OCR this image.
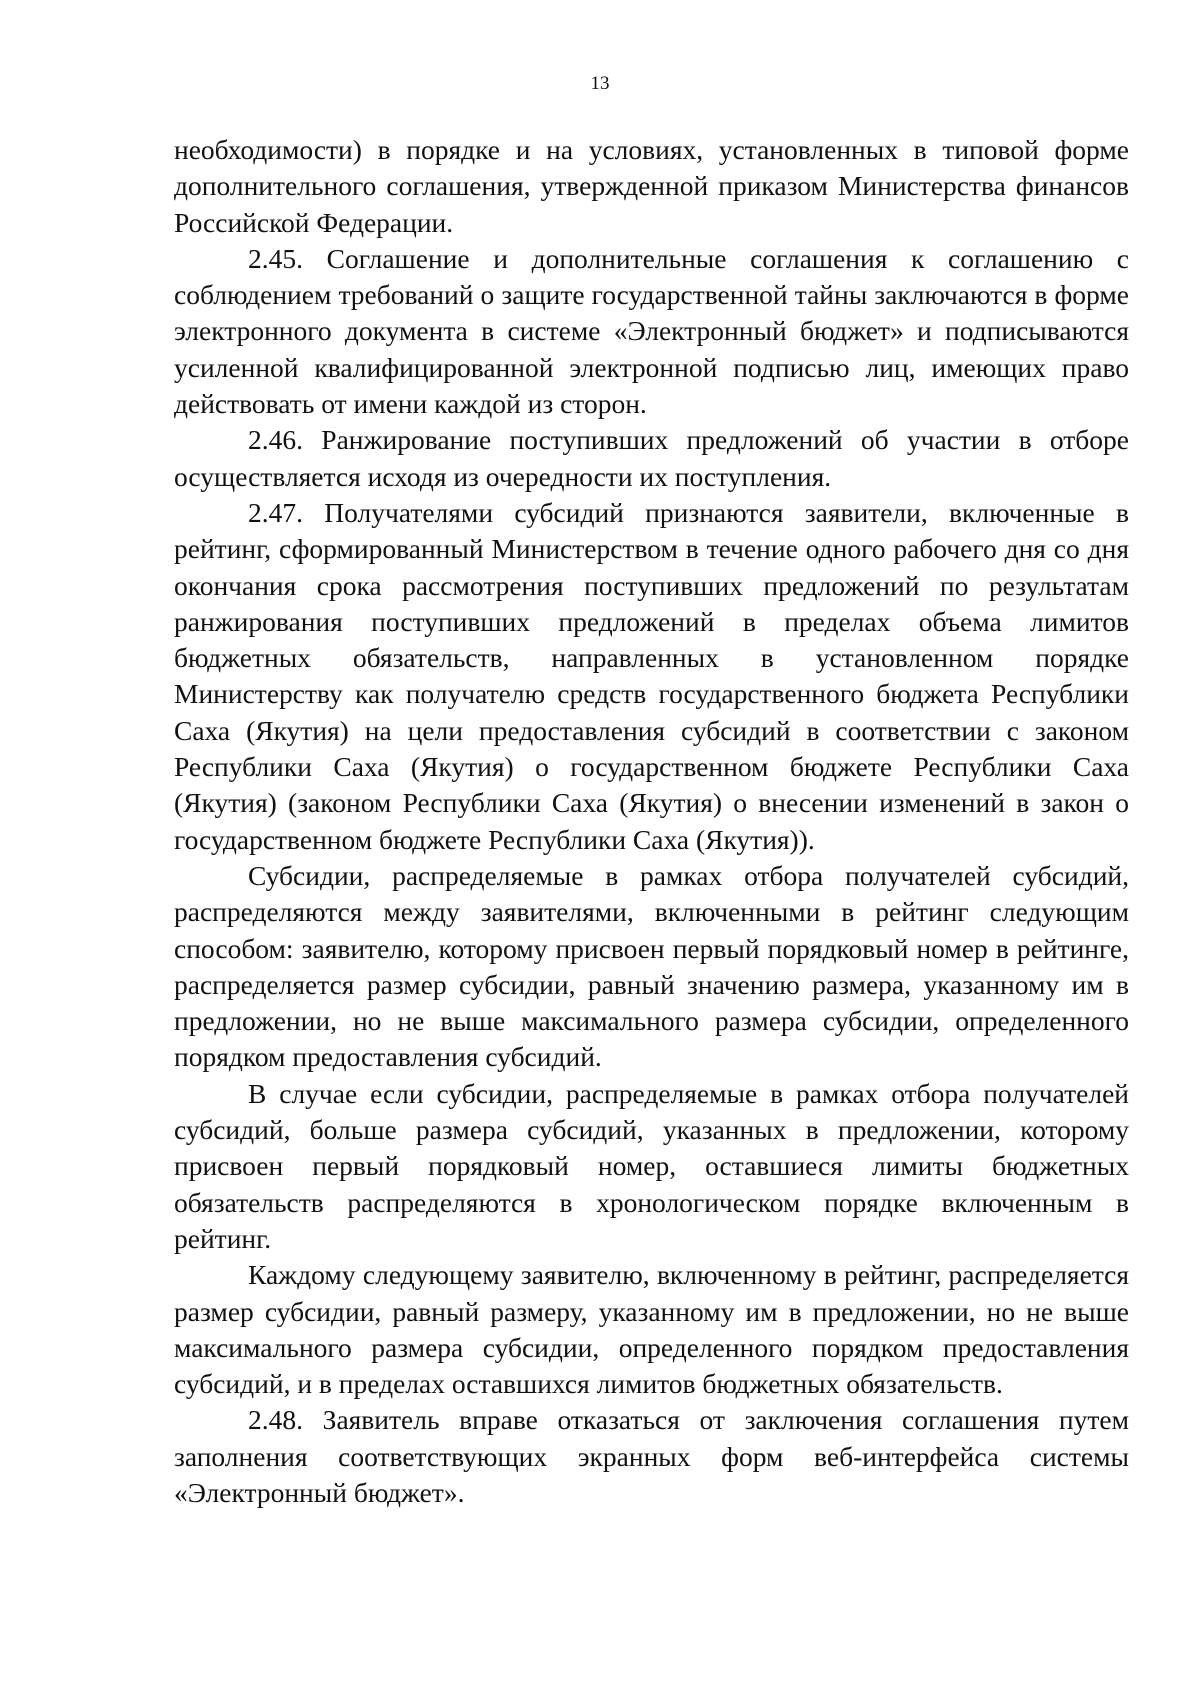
13

необходимости) в порядке и на условиях, установленных в типовой форме дополнительного соглашения, утвержденной приказом Министерства финансов Российской Федерации.

2.45. Соглашение и дополнительные соглашения к соглашению с соблюдением требований о защите государственной тайны заключаются в форме электронного документа в системе «Электронный бюджет» и подписываются усиленной квалифицированной электронной подписью лиц, имеющих право действовать от имени каждой из сторон.

2.46. Ранжирование поступивших предложений об участии в отборе осуществляется исходя из очередности их поступления.

2.47. Получателями субсидий признаются заявители, включенные в рейтинг, сформированный Министерством в течение одного рабочего дня со дня окончания срока рассмотрения поступивших предложений по результатам ранжирования поступивших предложений в пределах объема лимитов бюджетных обязательств, направленных в установленном порядке Министерству как получателю средств государственного бюджета Республики Саха (Якутия) на цели предоставления субсидий в соответствии с законом Республики Саха (Якутия) о государственном бюджете Республики Саха (Якутия) (законом Республики Саха (Якутия) о внесении изменений в закон о государственном бюджете Республики Саха (Якутия)).

Субсидии, распределяемые в рамках отбора получателей субсидий, распределяются между заявителями, включенными в рейтинг следующим способом: заявителю, которому присвоен первый порядковый номер в рейтинге, распределяется размер субсидии, равный значению размера, указанному им в предложении, но не выше максимального размера субсидии, определенного порядком предоставления субсидий.

В случае если субсидии, распределяемые в рамках отбора получателей субсидий, больше размера субсидий, указанных в предложении, которому присвоен первый порядковый номер, оставшиеся лимиты бюджетных обязательств распределяются в хронологическом порядке включенным в рейтинг.

Каждому следующему заявителю, включенному в рейтинг, распределяется размер субсидии, равный размеру, указанному им в предложении, но не выше максимального размера субсидии, определенного порядком предоставления субсидий, и в пределах оставшихся лимитов бюджетных обязательств.

2.48. Заявитель вправе отказаться от заключения соглашения путем заполнения соответствующих экранных форм веб-интерфейса системы «Электронный бюджет».
